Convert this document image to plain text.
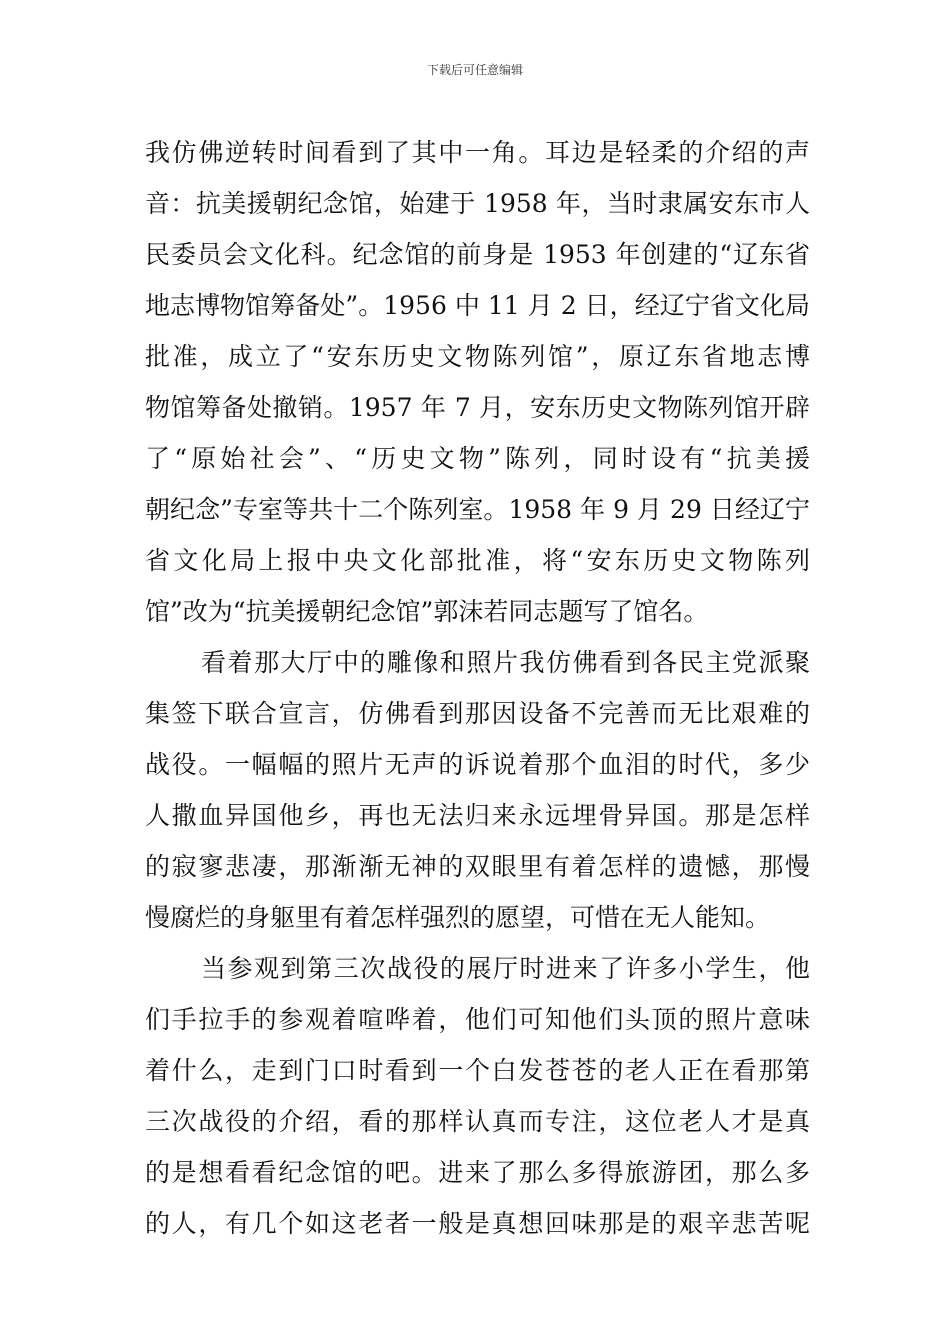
下载后可任意编辑
我仿佛逆转时间看到了其中一角。耳边是轻柔的介绍的声
音：抗美援朝纪念馆，始建于 1958 年，当时隶属安东市人
民委员会文化科。纪念馆的前身是 1953 年创建的“辽东省
地志博物馆筹备处”。1956 中 11 月 2 日，经辽宁省文化局
批准，成立了“安东历史文物陈列馆”，原辽东省地志博
物馆筹备处撤销。1957 年 7 月，安东历史文物陈列馆开辟
了“原始社会”、“历史文物”陈列，同时设有“抗美援
朝纪念”专室等共十二个陈列室。1958 年 9 月 29 日经辽宁
省文化局上报中央文化部批准，将“安东历史文物陈列
馆”改为“抗美援朝纪念馆”郭沫若同志题写了馆名。
看着那大厅中的雕像和照片我仿佛看到各民主党派聚
集签下联合宣言，仿佛看到那因设备不完善而无比艰难的
战役。一幅幅的照片无声的诉说着那个血泪的时代，多少
人撒血异国他乡，再也无法归来永远埋骨异国。那是怎样
的寂寥悲凄，那渐渐无神的双眼里有着怎样的遗憾，那慢
慢腐烂的身躯里有着怎样强烈的愿望，可惜在无人能知。
当参观到第三次战役的展厅时进来了许多小学生，他
们手拉手的参观着喧哗着，他们可知他们头顶的照片意味
着什么，走到门口时看到一个白发苍苍的老人正在看那第
三次战役的介绍，看的那样认真而专注，这位老人才是真
的是想看看纪念馆的吧。进来了那么多得旅游团，那么多
的人，有几个如这老者一般是真想回味那是的艰辛悲苦呢
